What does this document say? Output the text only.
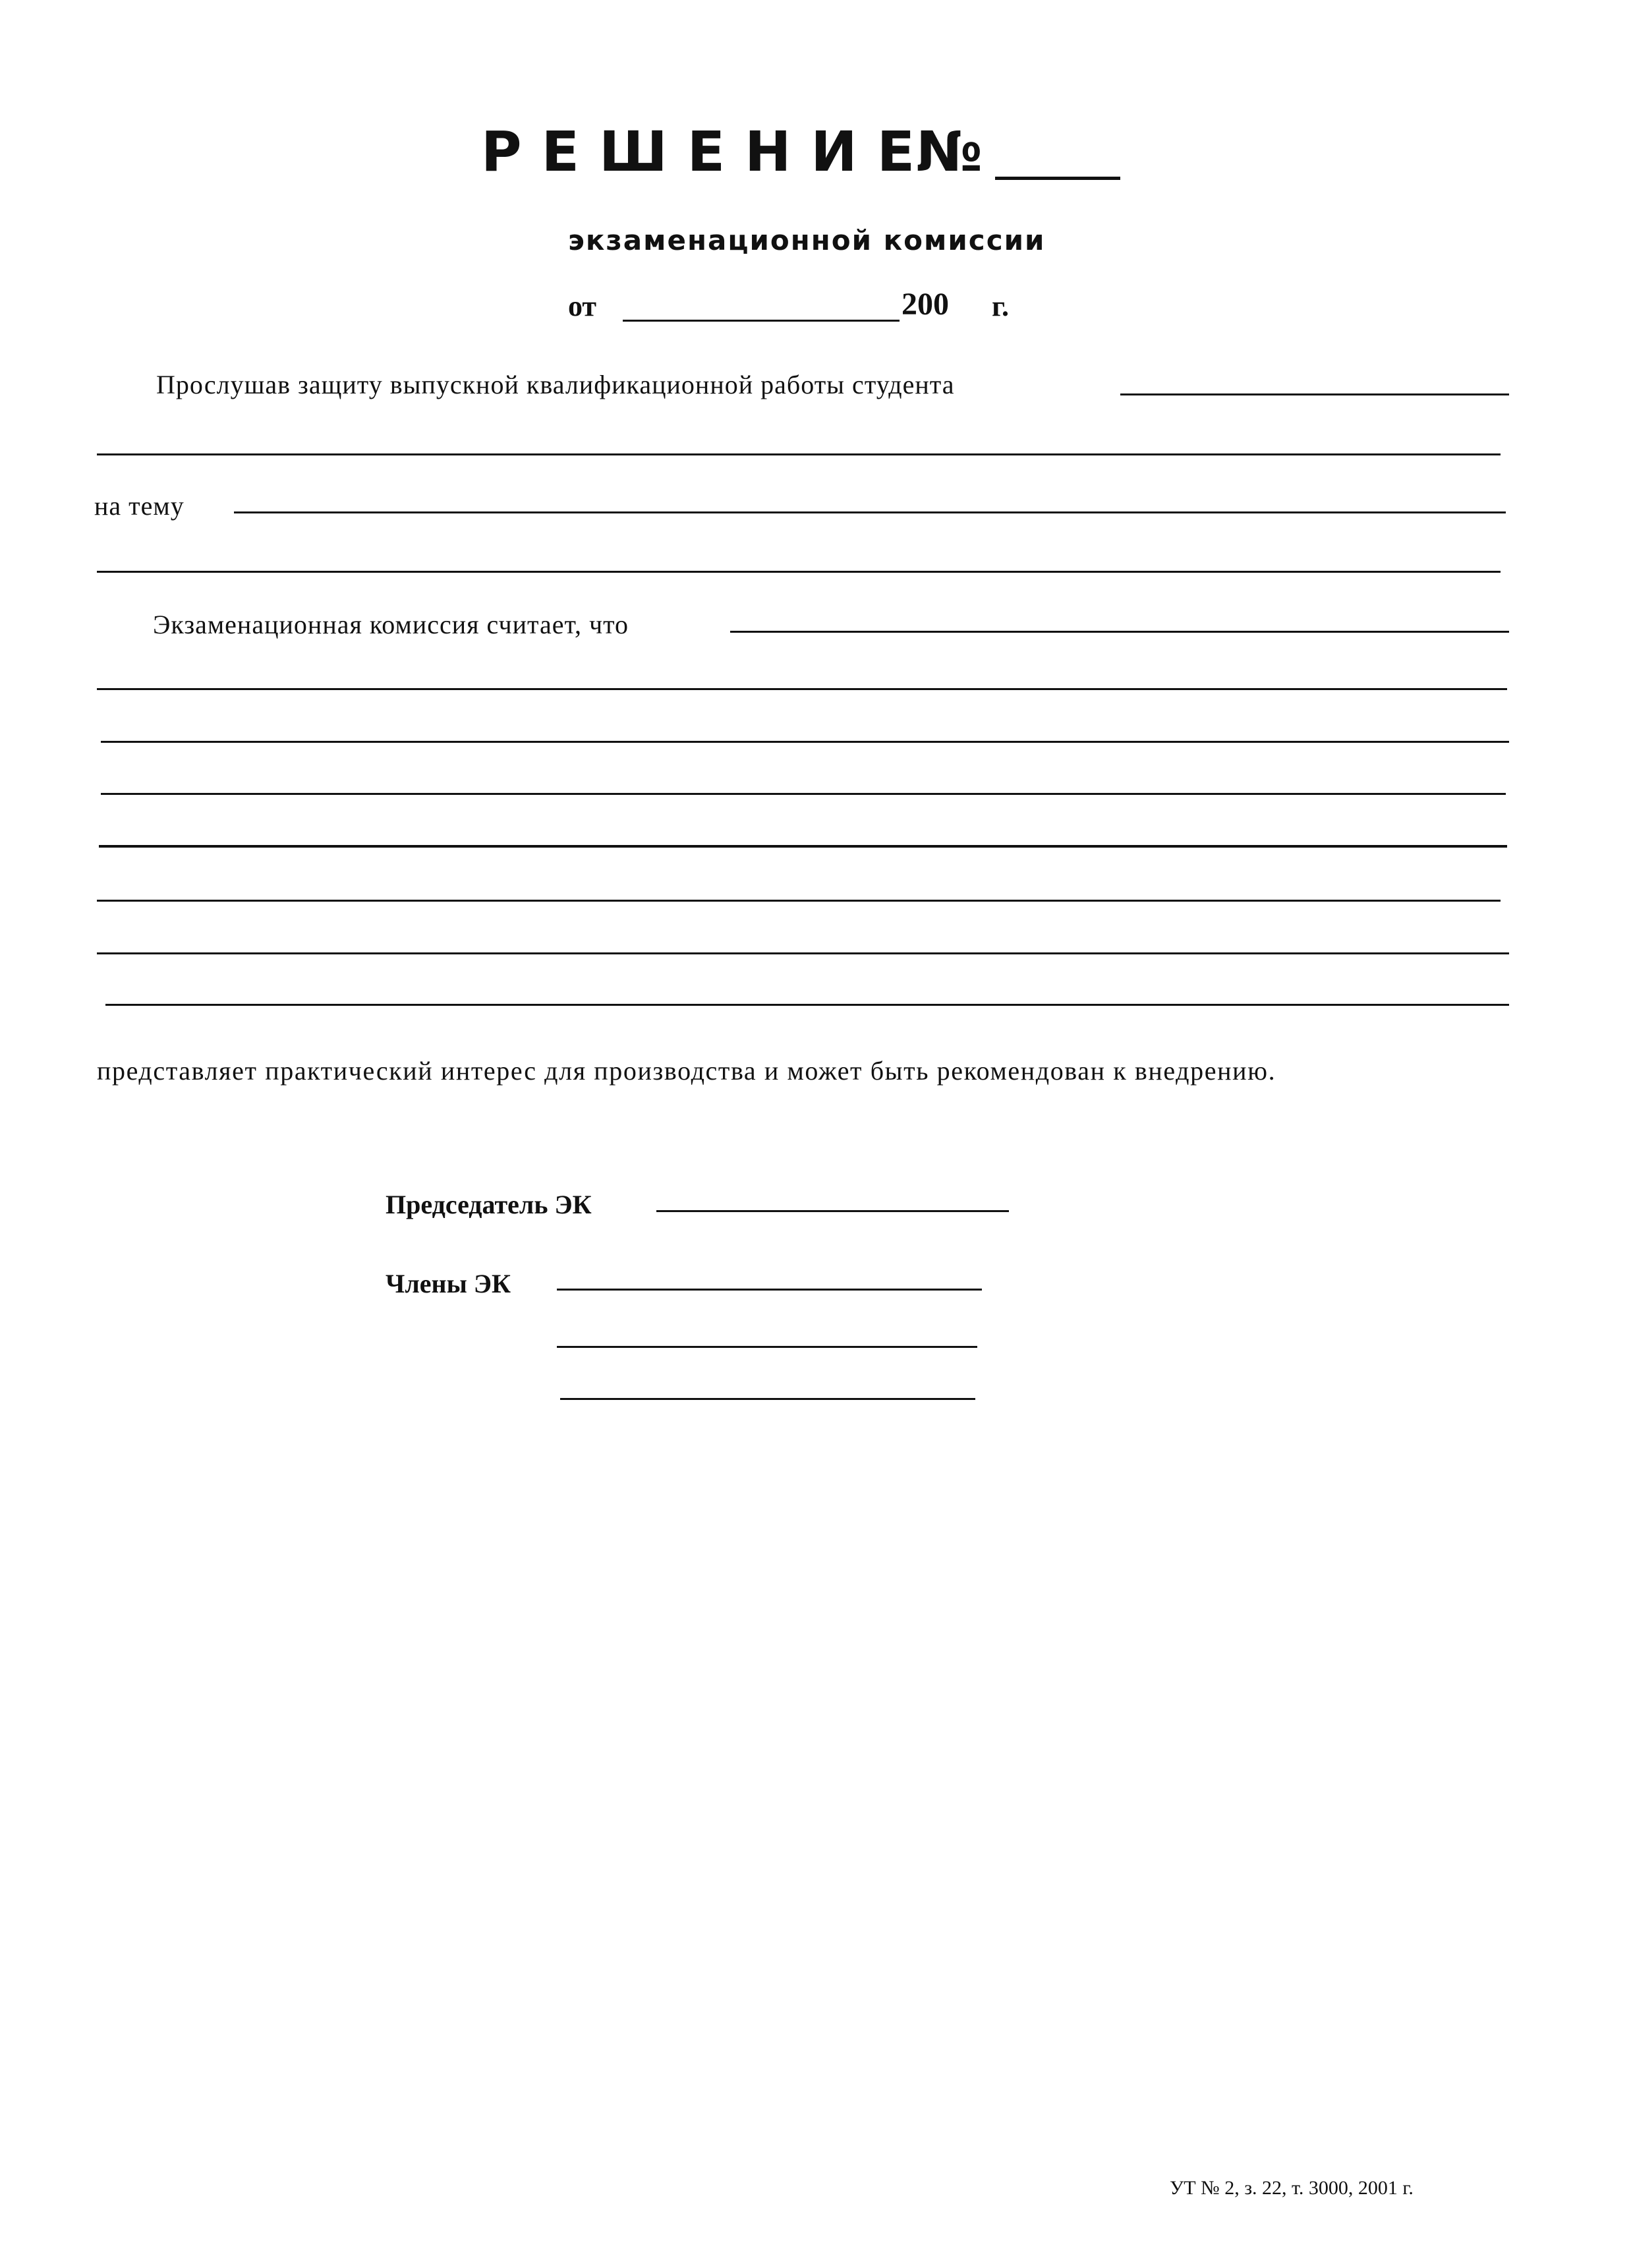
РЕШЕНИЕ
№
экзаменационной комиссии
от	200 г.
Прослушав защиту выпускной квалификационной работы студента
на тему
Экзаменационная комиссия считает, что
представляет практический интерес для производства и может быть рекомендован к внедрению.
Председатель ЭК
Члены ЭК
УТ № 2, з. 22, т. 3000, 2001 г.
